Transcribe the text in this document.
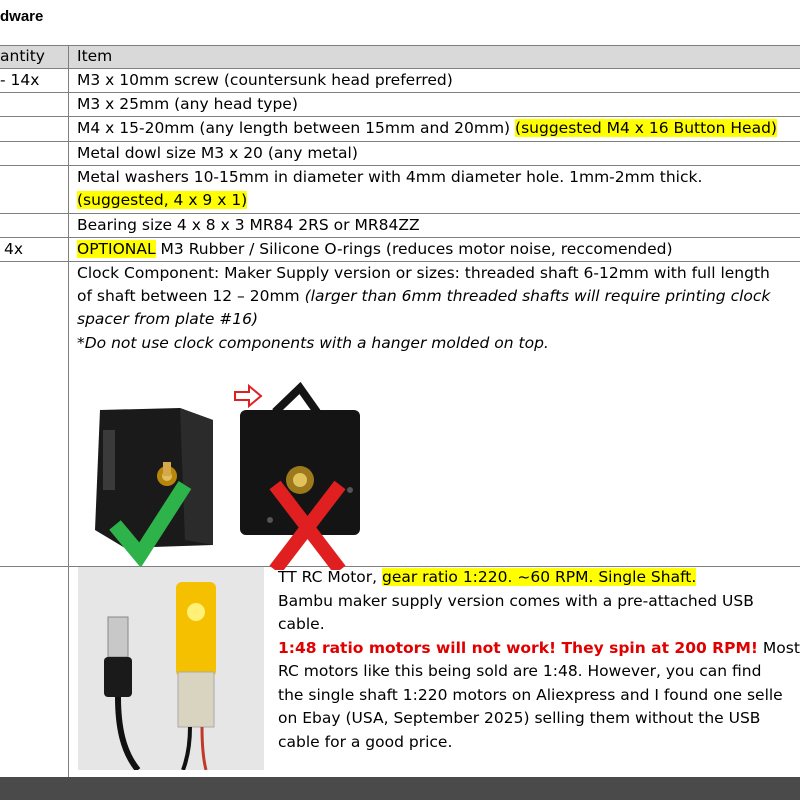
dware
antity Item
- 14x M3 x 10mm screw (countersunk head preferred)
M3 x 25mm (any head type)
M4 x 15-20mm (any length between 15mm and 20mm) (suggested M4 x 16 Button Head)
Metal dowl size M3 x 20 (any metal)
Metal washers 10-15mm in diameter with 4mm diameter hole. 1mm-2mm thick.
(suggested, 4 x 9 x 1)
Bearing size 4 x 8 x 3 MR84 2RS or MR84ZZ
4x	OPTIONAL M3 Rubber / Silicone O-rings (reduces motor noise, reccomended)
Clock Component: Maker Supply version or sizes: threaded shaft 6-12mm with full length
of shaft between 12 – 20mm (larger than 6mm threaded shafts will require printing clock
spacer from plate #16)
*Do not use clock components with a hanger molded on top.
TT RC Motor, gear ratio 1:220. ~60 RPM. Single Shaft.
Bambu maker supply version comes with a pre-attached USB
cable.
1:48 ratio motors will not work! They spin at 200 RPM! Most
RC motors like this being sold are 1:48. However, you can find
the single shaft 1:220 motors on Aliexpress and I found one selle
on Ebay (USA, September 2025) selling them without the USB
cable for a good price.
